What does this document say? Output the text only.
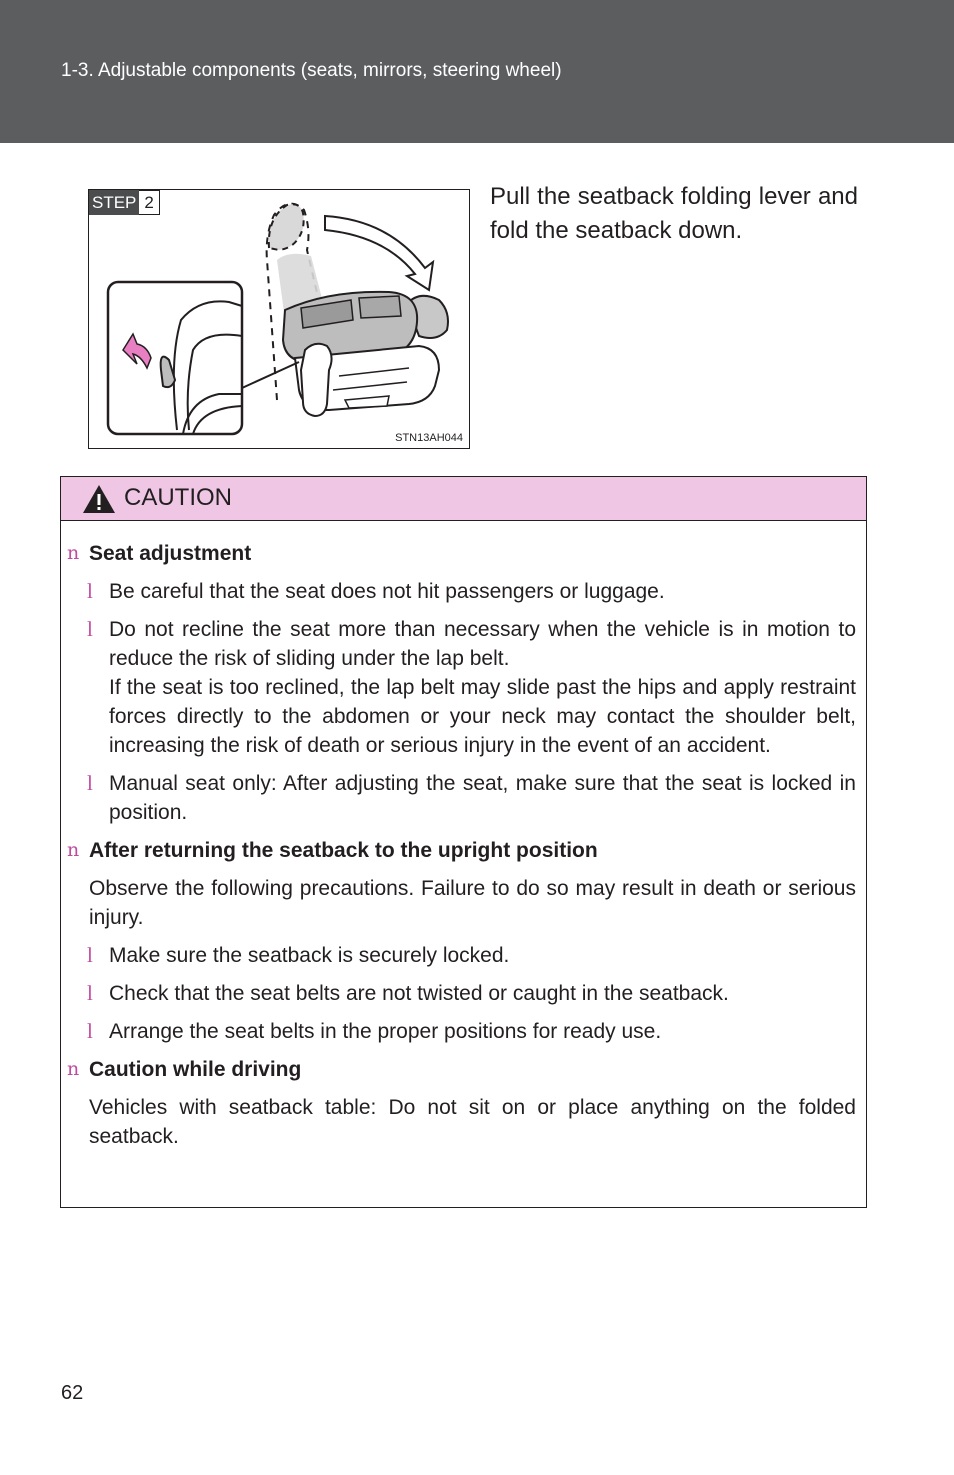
1-3. Adjustable components (seats, mirrors, steering wheel)
STEP 2
STN13AH044
Pull the seatback folding lever and fold the seatback down.
CAUTION
n Seat adjustment
l Be careful that the seat does not hit passengers or luggage.
l Do not recline the seat more than necessary when the vehicle is in motion to reduce the risk of sliding under the lap belt.
If the seat is too reclined, the lap belt may slide past the hips and apply restraint forces directly to the abdomen or your neck may contact the shoulder belt, increasing the risk of death or serious injury in the event of an accident.
l Manual seat only: After adjusting the seat, make sure that the seat is locked in position.
n After returning the seatback to the upright position
Observe the following precautions. Failure to do so may result in death or serious injury.
l Make sure the seatback is securely locked.
l Check that the seat belts are not twisted or caught in the seatback.
l Arrange the seat belts in the proper positions for ready use.
n Caution while driving
Vehicles with seatback table: Do not sit on or place anything on the folded seatback.
62
